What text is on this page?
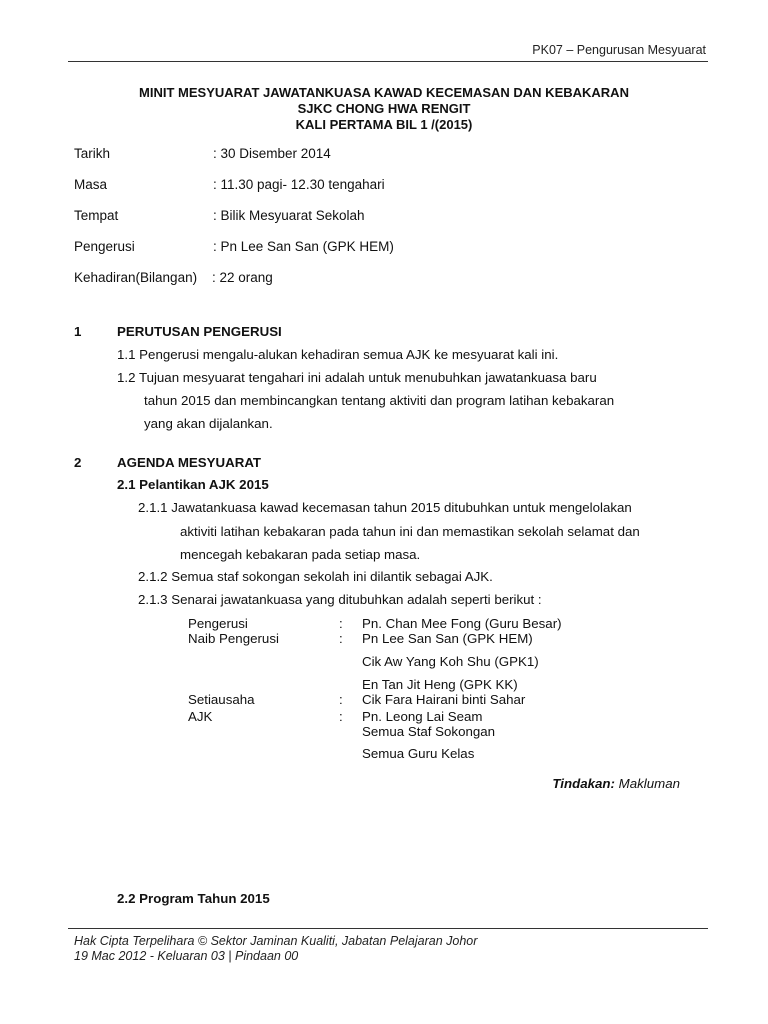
PK07 – Pengurusan Mesyuarat
MINIT MESYUARAT JAWATANKUASA KAWAD KECEMASAN DAN KEBAKARAN
SJKC CHONG HWA RENGIT
KALI PERTAMA BIL 1 /(2015)
Tarikh	: 30 Disember 2014
Masa	: 11.30 pagi- 12.30 tengahari
Tempat	: Bilik Mesyuarat Sekolah
Pengerusi	: Pn Lee San San (GPK HEM)
Kehadiran(Bilangan) : 22 orang
1	PERUTUSAN PENGERUSI
1.1 Pengerusi mengalu-alukan kehadiran semua AJK ke mesyuarat kali ini.
1.2 Tujuan mesyuarat tengahari ini adalah untuk menubuhkan jawatankuasa baru
tahun 2015 dan membincangkan tentang aktiviti dan program latihan kebakaran
yang akan dijalankan.
2	AGENDA MESYUARAT
2.1 Pelantikan AJK 2015
2.1.1 Jawatankuasa kawad kecemasan tahun 2015 ditubuhkan untuk mengelolakan
aktiviti latihan kebakaran pada tahun ini dan memastikan sekolah selamat dan
mencegah kebakaran pada setiap masa.
2.1.2 Semua staf sokongan sekolah ini dilantik sebagai AJK.
2.1.3 Senarai jawatankuasa yang ditubuhkan adalah seperti berikut :
Pengerusi	: Pn. Chan Mee Fong (Guru Besar)
Naib Pengerusi	: Pn Lee San San (GPK HEM)
Cik Aw Yang Koh Shu (GPK1)
En Tan Jit Heng (GPK KK)
Setiausaha	: Cik Fara Hairani binti Sahar
AJK	: Pn. Leong Lai Seam
Semua Staf Sokongan
Semua Guru Kelas
Tindakan: Makluman
2.2 Program Tahun 2015
Hak Cipta Terpelihara © Sektor Jaminan Kualiti, Jabatan Pelajaran Johor
19 Mac 2012 - Keluaran 03 | Pindaan 00
